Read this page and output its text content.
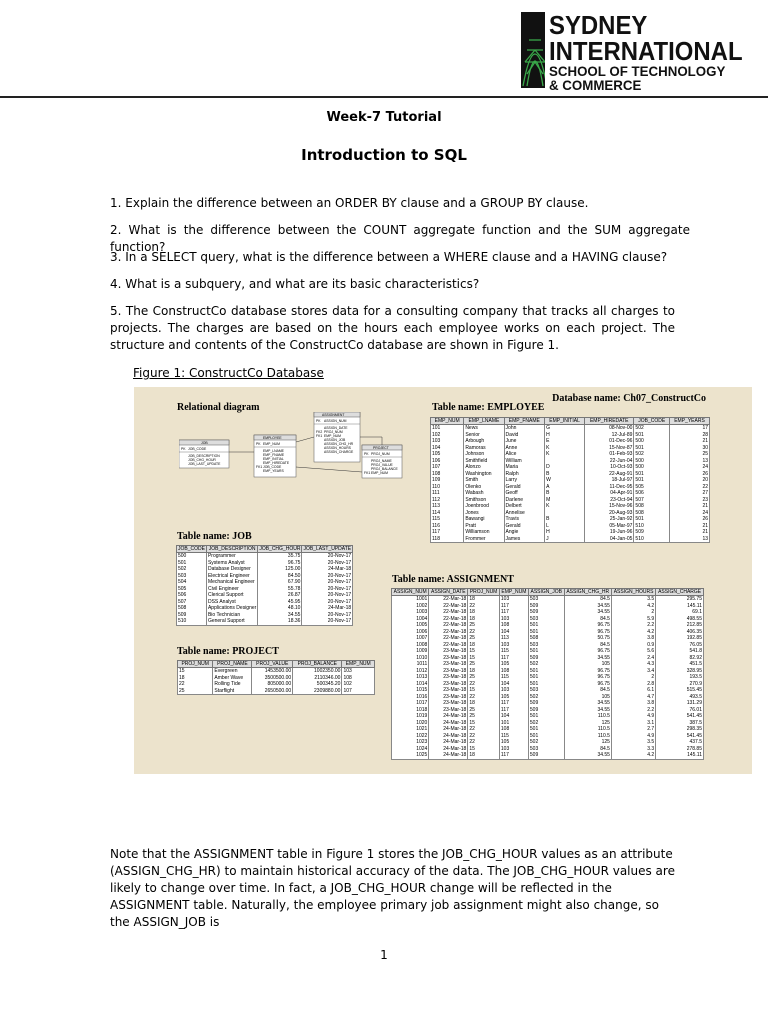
SYDNEY
INTERNATIONAL
SCHOOL OF TECHNOLOGY
& COMMERCE
Week-7 Tutorial
Introduction to SQL

1. Explain the difference between an ORDER BY clause and a GROUP BY clause.

2. What is the difference between the COUNT aggregate function and the SUM aggregate function?

3. In a SELECT query, what is the difference between a WHERE clause and a HAVING clause?

4. What is a subquery, and what are its basic characteristics?

5. The ConstructCo database stores data for a consulting company that tracks all charges to projects. The charges are based on the hours each employee works on each project. The structure and contents of the ConstructCo database are shown in Figure 1.

Figure 1: ConstructCo Database
Database name: Ch07_ConstructCo
Relational diagram
JOB
PK JOB_CODE
JOB_DESCRIPTION
JOB_CHG_HOUR
JOB_LAST_UPDATE
EMPLOYEE
PK EMP_NUM
EMP_LNAME
EMP_FNAME
EMP_INITIAL
EMP_HIREDATE
FK1 JOB_CODE
EMP_YEARS
ASSIGNMENT
PK ASSIGN_NUM
ASSIGN_DATE
FK2 PROJ_NUM
FK1 EMP_NUM
ASSIGN_JOB
ASSIGN_CHG_HR
ASSIGN_HOURS
ASSIGN_CHARGE
PROJECT
PK PROJ_NUM
PROJ_NAME
PROJ_VALUE
PROJ_BALANCE
FK1 EMP_NUM
Table name: EMPLOYEE
EMP_NUM	EMP_LNAME	EMP_FNAME	EMP_INITIAL	EMP_HIREDATE	JOB_CODE	EMP_YEARS
101	News	John	G	08-Nov-00	502	17
102	Senior	David	H	12-Jul-89	501	28
103	Arbough	June	E	01-Dec-96	500	21
104	Ramoras	Anne	K	15-Nov-87	501	30
105	Johnson	Alice	K	01-Feb-93	502	25
106	Smithfield	William		22-Jun-04	500	13
107	Alonzo	Maria	D	10-Oct-93	500	24
108	Washington	Ralph	B	22-Aug-91	501	26
109	Smith	Larry	W	18-Jul-97	501	20
110	Olenko	Gerald	A	11-Dec-95	505	22
111	Wabash	Geoff	B	04-Apr-91	506	27
112	Smithson	Darlene	M	23-Oct-94	507	23
113	Joenbrood	Delbert	K	15-Nov-96	508	21
114	Jones	Annelise		20-Aug-93	508	24
115	Bawangi	Travis	B	25-Jan-92	501	26
116	Pratt	Gerald	L	05-Mar-97	510	21
117	Williamson	Angie	H	19-Jun-96	509	21
118	Frommer	James	J	04-Jan-05	510	13
Table name: JOB
JOB_CODE	JOB_DESCRIPTION	JOB_CHG_HOUR	JOB_LAST_UPDATE
500	Programmer	35.75	20-Nov-17
501	Systems Analyst	96.75	20-Nov-17
502	Database Designer	125.00	24-Mar-18
503	Electrical Engineer	84.50	20-Nov-17
504	Mechanical Engineer	67.90	20-Nov-17
505	Civil Engineer	55.78	20-Nov-17
506	Clerical Support	26.87	20-Nov-17
507	DSS Analyst	45.95	20-Nov-17
508	Applications Designer	48.10	24-Mar-18
509	Bio Technician	34.55	20-Nov-17
510	General Support	18.36	20-Nov-17
Table name: ASSIGNMENT
ASSIGN_NUM	ASSIGN_DATE	PROJ_NUM	EMP_NUM	ASSIGN_JOB	ASSIGN_CHG_HR	ASSIGN_HOURS	ASSIGN_CHARGE
1001	22-Mar-18	18	103	503	84.5	3.5	295.75
1002	22-Mar-18	22	117	509	34.55	4.2	145.11
1003	22-Mar-18	18	117	509	34.55	2	69.1
1004	22-Mar-18	18	103	503	84.5	5.9	498.55
1005	22-Mar-18	25	108	501	96.75	2.2	212.85
1006	22-Mar-18	22	104	501	96.75	4.2	406.35
1007	22-Mar-18	25	113	508	50.75	3.8	192.85
1008	22-Mar-18	18	103	503	84.5	0.9	76.05
1009	23-Mar-18	15	115	501	96.75	5.6	541.8
1010	23-Mar-18	15	117	509	34.55	2.4	82.92
1011	23-Mar-18	25	105	502	105	4.3	451.5
1012	23-Mar-18	18	108	501	96.75	3.4	328.95
1013	23-Mar-18	25	115	501	96.75	2	193.5
1014	23-Mar-18	22	104	501	96.75	2.8	270.9
1015	23-Mar-18	15	103	503	84.5	6.1	515.45
1016	23-Mar-18	22	105	502	105	4.7	493.5
1017	23-Mar-18	18	117	509	34.55	3.8	131.29
1018	23-Mar-18	25	117	509	34.55	2.2	76.01
1019	24-Mar-18	25	104	501	110.5	4.9	541.45
1020	24-Mar-18	15	101	502	125	3.1	387.5
1021	24-Mar-18	22	108	501	110.5	2.7	298.35
1022	24-Mar-18	22	115	501	110.5	4.9	541.45
1023	24-Mar-18	22	105	502	125	3.5	437.5
1024	24-Mar-18	15	103	503	84.5	3.3	278.85
1025	24-Mar-18	18	117	509	34.55	4.2	145.11
Table name: PROJECT
PROJ_NUM	PROJ_NAME	PROJ_VALUE	PROJ_BALANCE	EMP_NUM
15	Evergreen	1453500.00	1002350.00	103
18	Amber Wave	3500500.00	2110346.00	108
22	Rolling Tide	805000.00	500345.20	102
25	Starflight	2650500.00	2309880.00	107

Note that the ASSIGNMENT table in Figure 1 stores the JOB_CHG_HOUR values as an attribute (ASSIGN_CHG_HR) to maintain historical accuracy of the data. The JOB_CHG_HOUR values are likely to change over time. In fact, a JOB_CHG_HOUR change will be reflected in the ASSIGNMENT table. Naturally, the employee primary job assignment might also change, so the ASSIGN_JOB is

1
